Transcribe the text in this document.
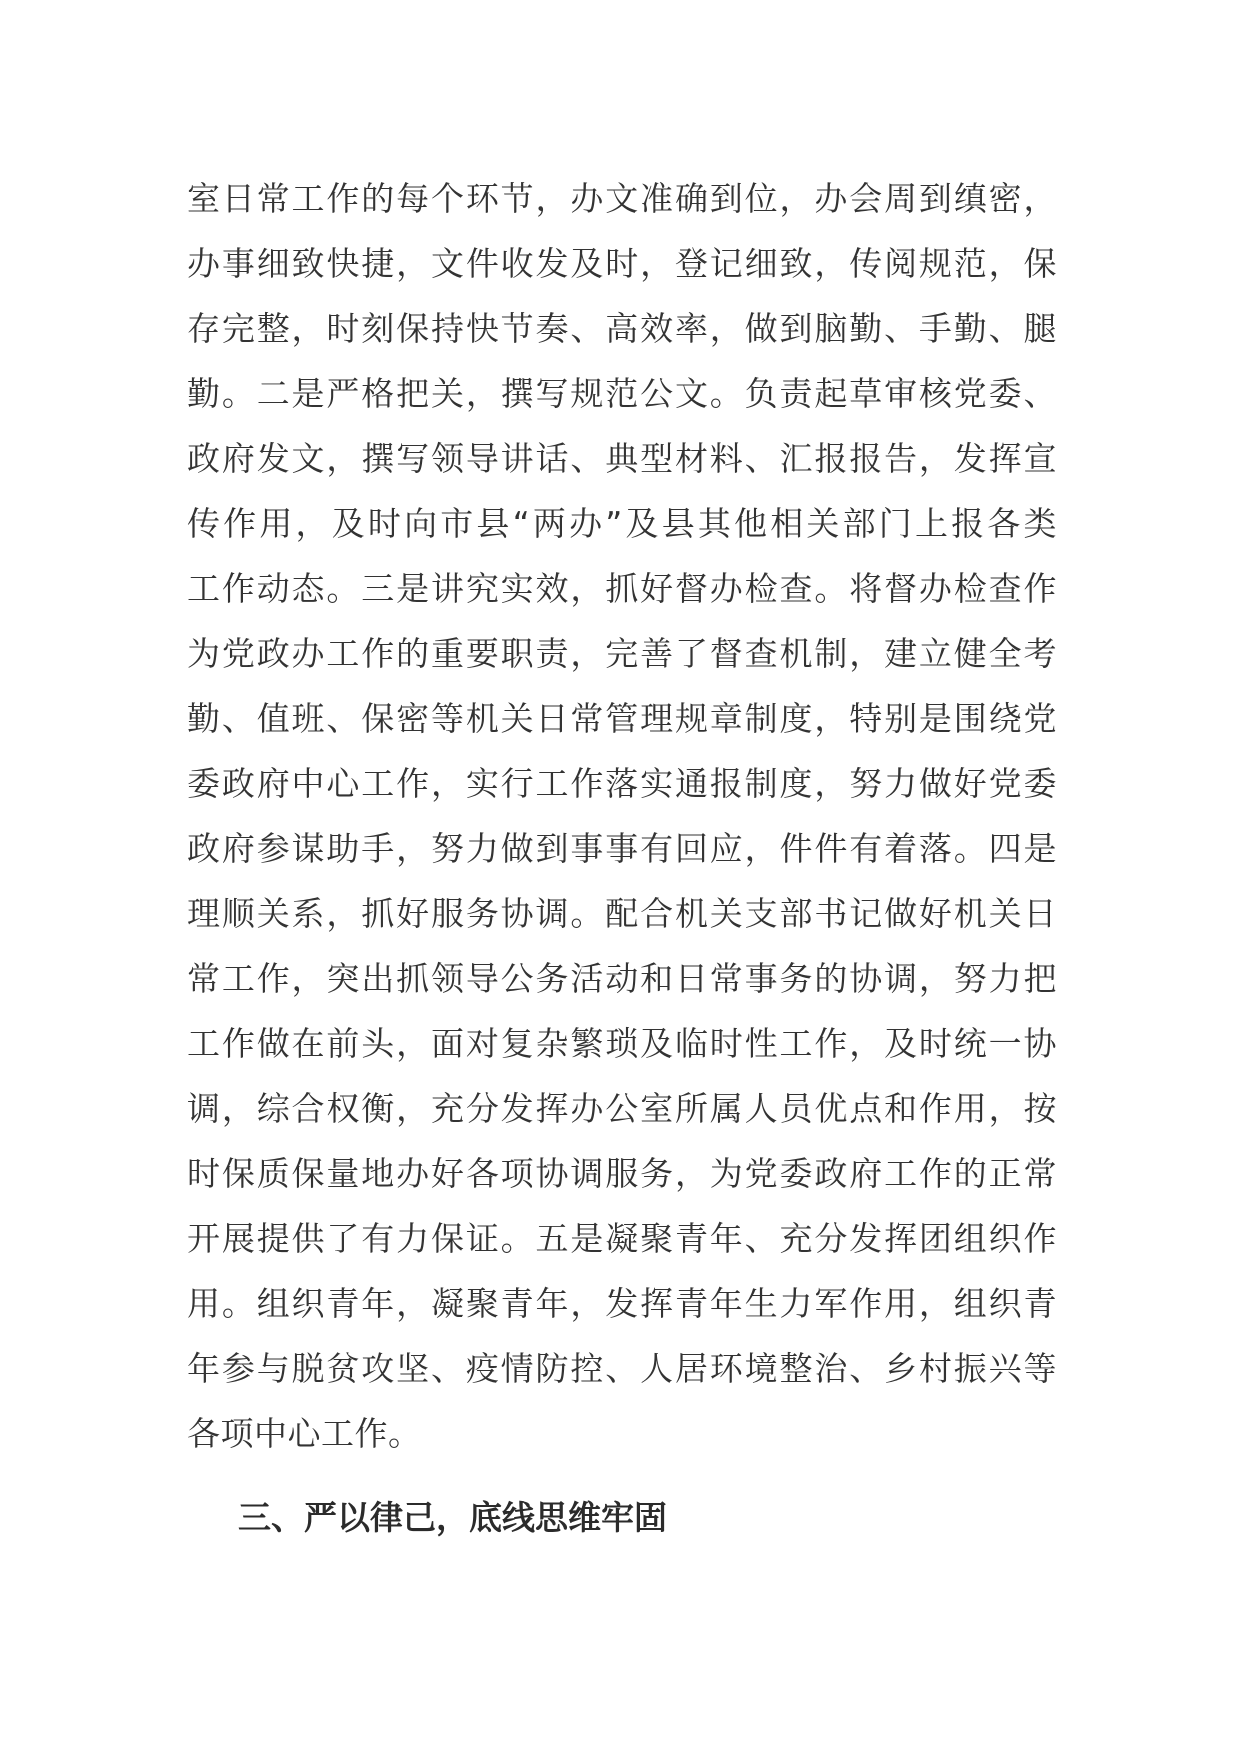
室日常工作的每个环节，办文准确到位，办会周到缜密，
办事细致快捷，文件收发及时，登记细致，传阅规范，保
存完整，时刻保持快节奏、高效率，做到脑勤、手勤、腿
勤。二是严格把关，撰写规范公文。负责起草审核党委、
政府发文，撰写领导讲话、典型材料、汇报报告，发挥宣
传作用，及时向市县“两办”及县其他相关部门上报各类
工作动态。三是讲究实效，抓好督办检查。将督办检查作
为党政办工作的重要职责，完善了督查机制，建立健全考
勤、值班、保密等机关日常管理规章制度，特别是围绕党
委政府中心工作，实行工作落实通报制度，努力做好党委
政府参谋助手，努力做到事事有回应，件件有着落。四是
理顺关系，抓好服务协调。配合机关支部书记做好机关日
常工作，突出抓领导公务活动和日常事务的协调，努力把
工作做在前头，面对复杂繁琐及临时性工作，及时统一协
调，综合权衡，充分发挥办公室所属人员优点和作用，按
时保质保量地办好各项协调服务，为党委政府工作的正常
开展提供了有力保证。五是凝聚青年、充分发挥团组织作
用。组织青年，凝聚青年，发挥青年生力军作用，组织青
年参与脱贫攻坚、疫情防控、人居环境整治、乡村振兴等
各项中心工作。
三、严以律己，底线思维牢固
